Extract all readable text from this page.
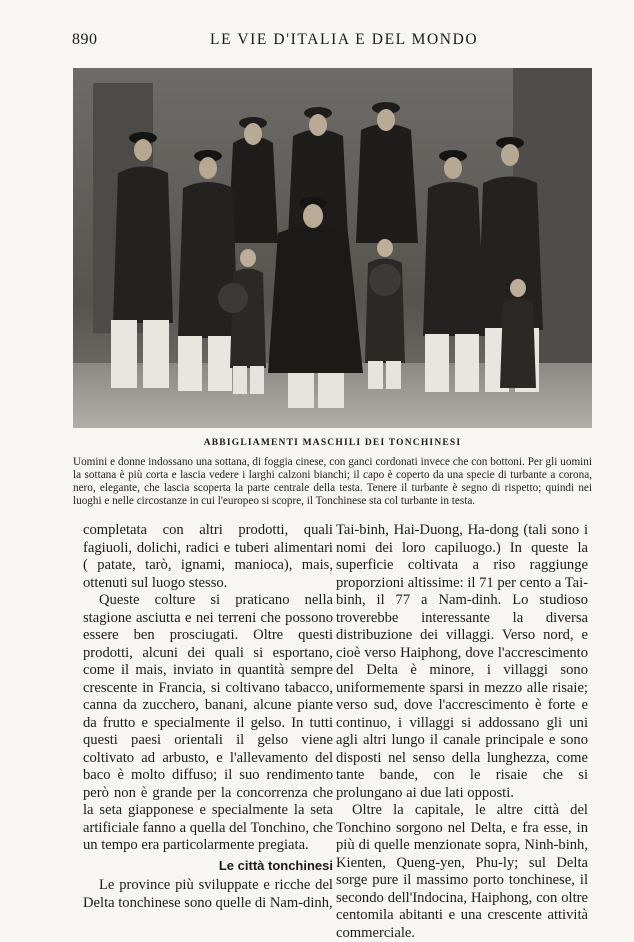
890	LE VIE D'ITALIA E DEL MONDO
ABBIGLIAMENTI MASCHILI DEI TONCHINESI
Uomini e donne indossano una sottana, di foggia cinese, con ganci cordonati invece che con bottoni. Per gli uomini la sottana è più corta e lascia vedere i larghi calzoni bianchi; il capo è coperto da una specie di turbante a corona, nero, elegante, che lascia scoperta la parte centrale della testa. Tenere il turbante è segno di rispetto; quindi nei luoghi e nelle circostanze in cui l'europeo si scopre, il Tonchinese sta col turbante in testa.

completata con altri prodotti, quali fagiuoli, dolichi, radici e tuberi alimentari ( patate, tarò, ignami, manioca), mais, ottenuti sul luogo stesso.

Queste colture si praticano nella stagione asciutta e nei terreni che possono essere ben prosciugati. Oltre questi prodotti, alcuni dei quali si esportano, come il mais, inviato in quantità sempre crescente in Francia, si coltivano tabacco, canna da zucchero, banani, alcune piante da frutto e specialmente il gelso. In tutti questi paesi orientali il gelso viene coltivato ad arbusto, e l'allevamento del baco è molto diffuso; il suo rendimento però non è grande per la concorrenza che la seta giapponese e specialmente la seta artificiale fanno a quella del Tonchino, che un tempo era particolarmente pregiata.

Le città tonchinesi

Le province più sviluppate e ricche del Delta tonchinese sono quelle di Nam-dinh,

Tai-binh, Hai-Duong, Ha-dong (tali sono i nomi dei loro capiluogo.) In queste la superficie coltivata a riso raggiunge proporzioni altissime: il 71 per cento a Tai-binh, il 77 a Nam-dinh. Lo studioso troverebbe interessante la diversa distribuzione dei villaggi. Verso nord, e cioè verso Haiphong, dove l'accrescimento del Delta è minore, i villaggi sono uniformemente sparsi in mezzo alle risaie; verso sud, dove l'accrescimento è forte e continuo, i villaggi si addossano gli uni agli altri lungo il canale principale e sono disposti nel senso della lunghezza, come tante bande, con le risaie che si prolungano ai due lati opposti.

Oltre la capitale, le altre città del Tonchino sorgono nel Delta, e fra esse, in più di quelle menzionate sopra, Ninh-binh, Kienten, Queng-yen, Phu-ly; sul Delta sorge pure il massimo porto tonchinese, il secondo dell'Indocina, Haiphong, con oltre centomila abitanti e una crescente attività commerciale.
